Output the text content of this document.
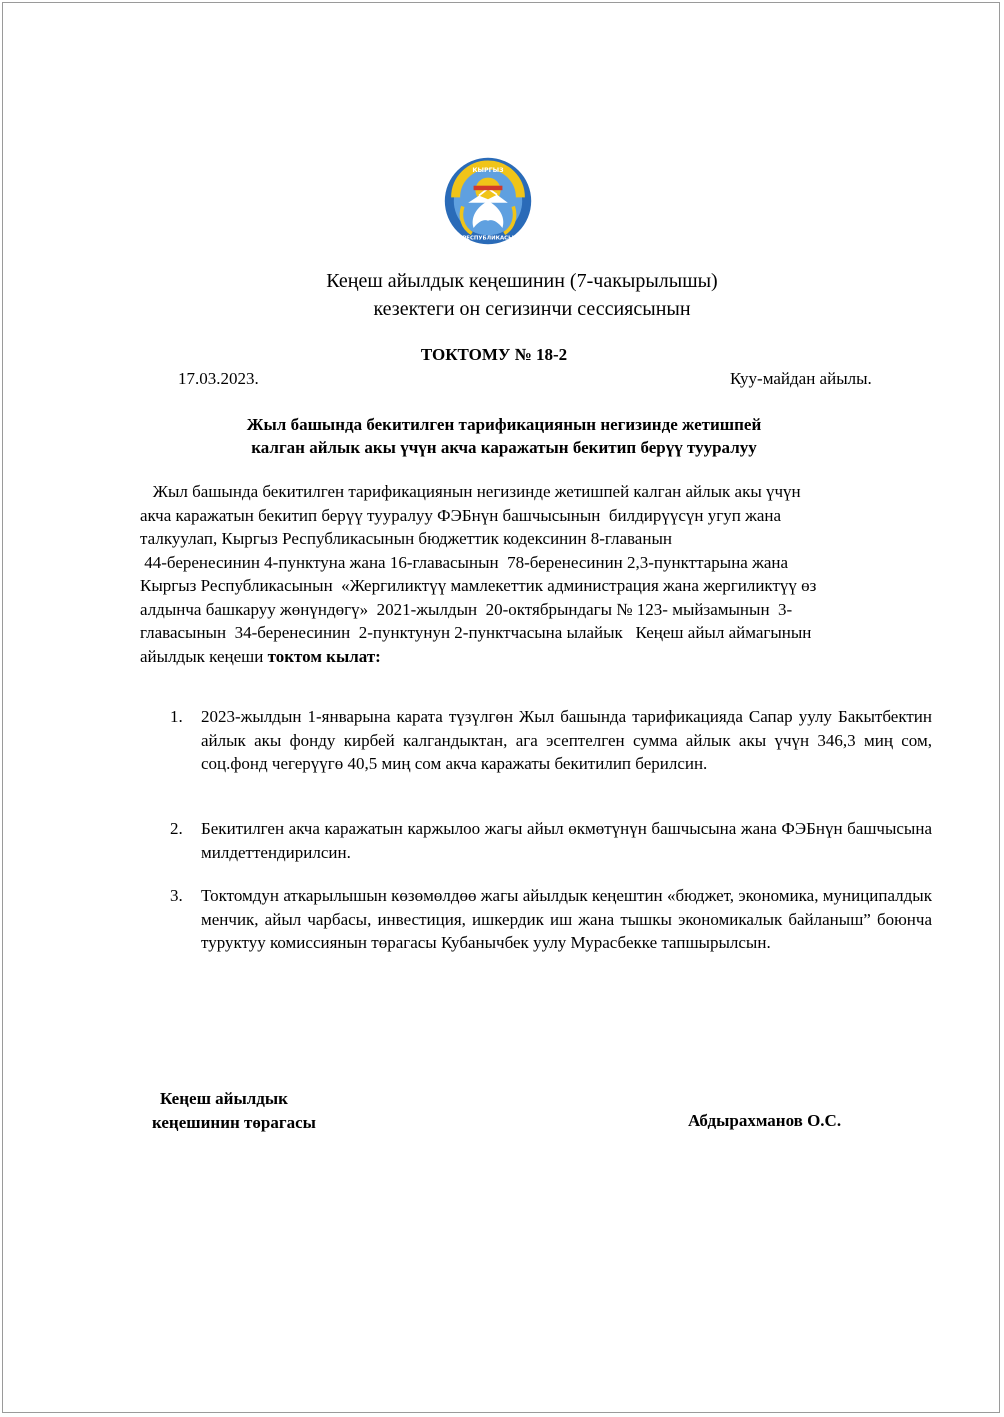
КЫРГЫЗ
РЕСПУБЛИКАСЫ
Кеңеш айылдык кеңешинин (7-чакырылышы)
кезектеги он сегизинчи сессиясынын
ТОКТОМУ № 18-2
17.03.2023.	Куу-майдан айылы.
Жыл башында бекитилген тарификациянын негизинде жетишпей
калган айлык акы үчүн акча каражатын бекитип берүү тууралуу
Жыл башында бекитилген тарификациянын негизинде жетишпей калган айлык акы үчүн
акча каражатын бекитип берүү тууралуу ФЭБнүн башчысынын  билдирүүсүн угуп жана
талкуулап, Кыргыз Республикасынын бюджеттик кодексинин 8-главанын
44-беренесинин 4-пунктуна жана 16-главасынын  78-беренесинин 2,3-пункттарына жана
Кыргыз Республикасынын  «Жергиликтүү мамлекеттик администрация жана жергиликтүү өз
алдынча башкаруу жөнүндөгү»  2021-жылдын  20-октябрындагы № 123- мыйзамынын  3-
главасынын  34-беренесинин  2-пунктунун 2-пунктчасына ылайык   Кеңеш айыл аймагынын
айылдык кеңеши токтом кылат:
1. 2023-жылдын 1-январына карата түзүлгөн Жыл башында тарификацияда Сапар уулу Бакытбектин айлык акы фонду кирбей калгандыктан, ага эсептелген сумма айлык акы үчүн 346,3 миң сом, соц.фонд чегерүүгө 40,5 миң сом акча каражаты бекитилип берилсин.
2. Бекитилген акча каражатын каржылоо жагы айыл өкмөтүнүн башчысына жана ФЭБнүн башчысына милдеттендирилсин.
3. Токтомдун аткарылышын көзөмөлдөө жагы айылдык кеңештин «бюджет, экономика, муниципалдык менчик, айыл чарбасы, инвестиция, ишкердик иш жана тышкы экономикалык байланыш” боюнча туруктуу комиссиянын төрагасы Кубанычбек уулу Мурасбекке тапшырылсын.
Кеңеш айылдык
кеңешинин төрагасы	Абдырахманов О.С.
